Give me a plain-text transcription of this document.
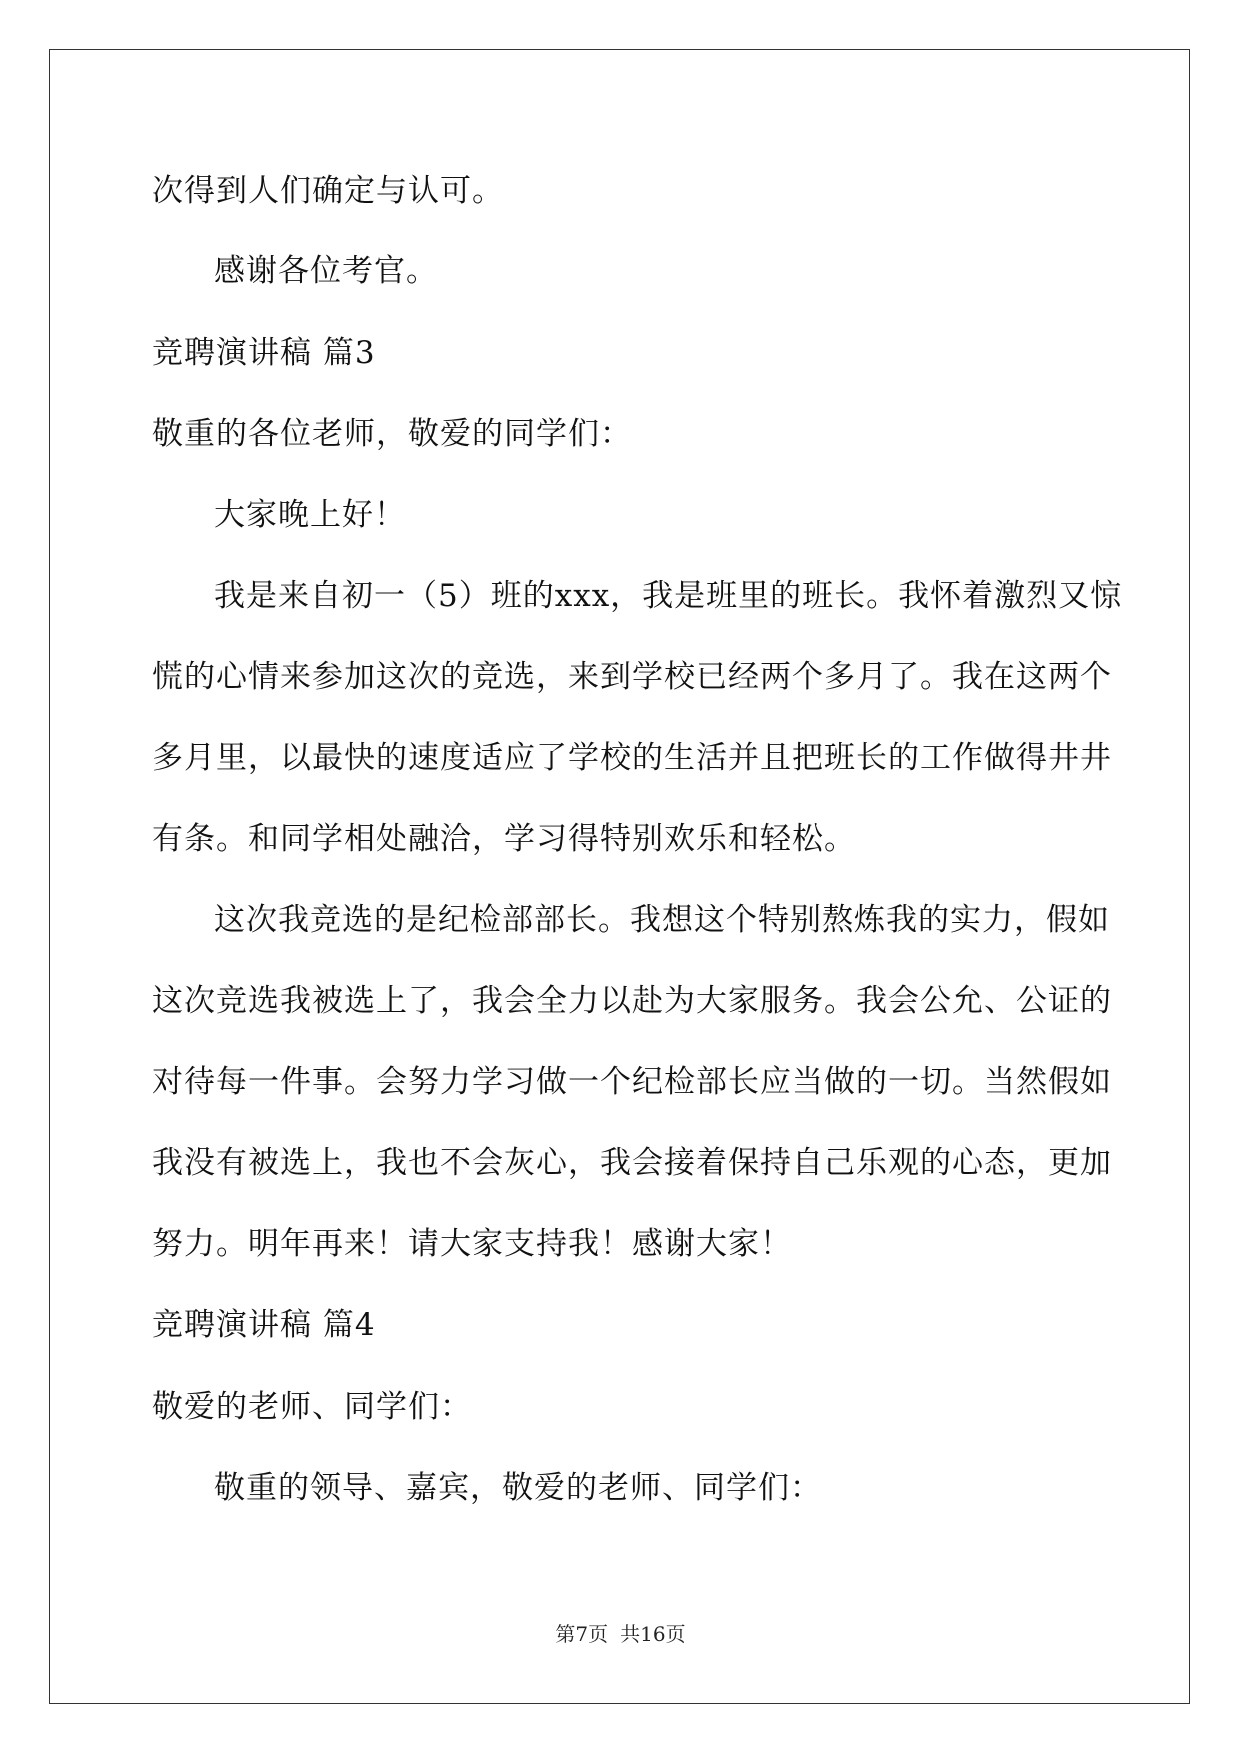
次得到人们确定与认可。
感谢各位考官。
竞聘演讲稿 篇3
敬重的各位老师，敬爱的同学们：
大家晚上好！
我是来自初一（5）班的xxx，我是班里的班长。我怀着激烈又惊
慌的心情来参加这次的竞选，来到学校已经两个多月了。我在这两个
多月里，以最快的速度适应了学校的生活并且把班长的工作做得井井
有条。和同学相处融洽，学习得特别欢乐和轻松。
这次我竞选的是纪检部部长。我想这个特别熬炼我的实力，假如
这次竞选我被选上了，我会全力以赴为大家服务。我会公允、公证的
对待每一件事。会努力学习做一个纪检部长应当做的一切。当然假如
我没有被选上，我也不会灰心，我会接着保持自己乐观的心态，更加
努力。明年再来！请大家支持我！感谢大家！
竞聘演讲稿 篇4
敬爱的老师、同学们：
敬重的领导、嘉宾，敬爱的老师、同学们：
第7页 共16页
